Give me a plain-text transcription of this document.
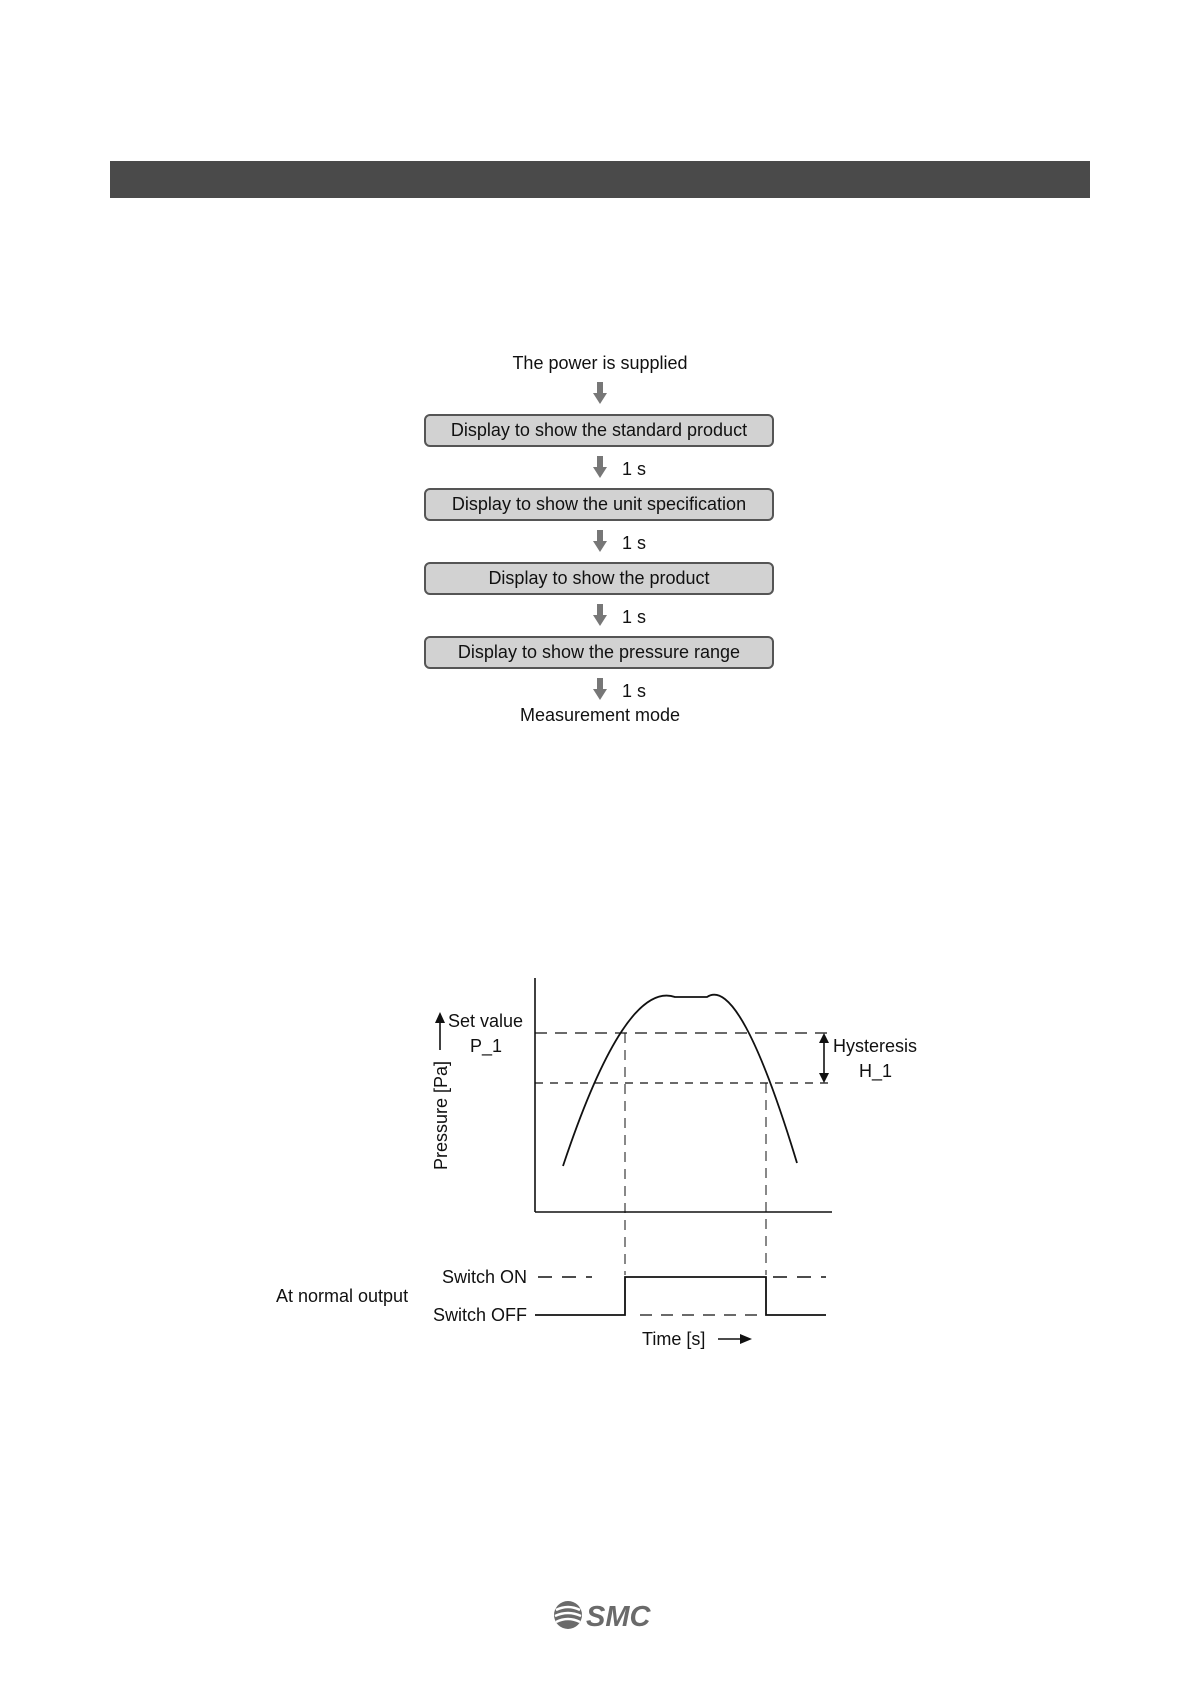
The power is supplied
Display to show the standard product
1 s
Display to show the unit specification
1 s
Display to show the product
1 s
Display to show the pressure range
1 s
Measurement mode
Pressure [Pa]
Set value
P_1	Hysteresis
H_1
Switch ON
Switch OFF
At normal output
Time [s]
SMC
